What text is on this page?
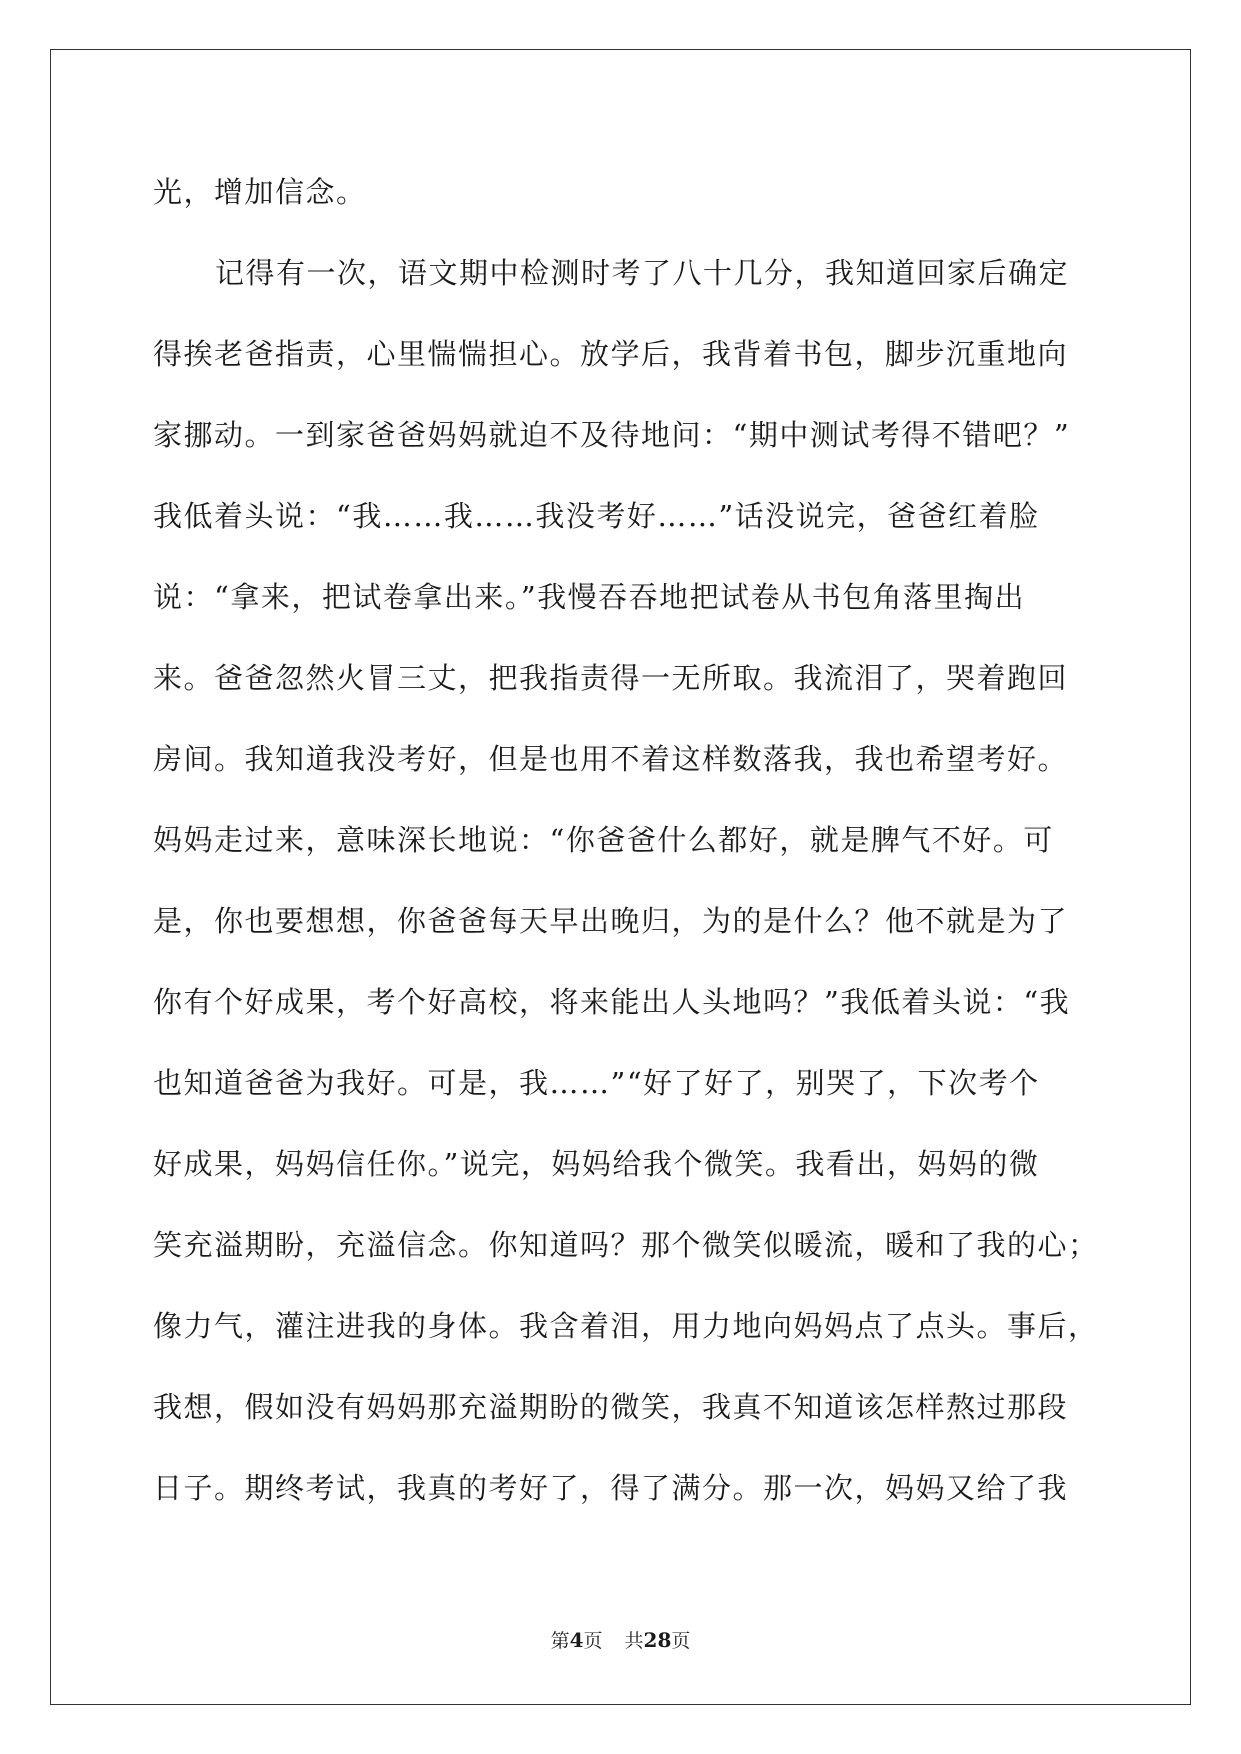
光，增加信念。
记得有一次，语文期中检测时考了八十几分，我知道回家后确定
得挨老爸指责，心里惴惴担心。放学后，我背着书包，脚步沉重地向
家挪动。一到家爸爸妈妈就迫不及待地问：“期中测试考得不错吧？”
我低着头说：“我……我……我没考好……”话没说完，爸爸红着脸
说：“拿来，把试卷拿出来。”我慢吞吞地把试卷从书包角落里掏出
来。爸爸忽然火冒三丈，把我指责得一无所取。我流泪了，哭着跑回
房间。我知道我没考好，但是也用不着这样数落我，我也希望考好。
妈妈走过来，意味深长地说：“你爸爸什么都好，就是脾气不好。可
是，你也要想想，你爸爸每天早出晚归，为的是什么？他不就是为了
你有个好成果，考个好高校，将来能出人头地吗？”我低着头说：“我
也知道爸爸为我好。可是，我……”“好了好了，别哭了，下次考个
好成果，妈妈信任你。”说完，妈妈给我个微笑。我看出，妈妈的微
笑充溢期盼，充溢信念。你知道吗？那个微笑似暖流，暖和了我的心；
像力气，灌注进我的身体。我含着泪，用力地向妈妈点了点头。事后，
我想，假如没有妈妈那充溢期盼的微笑，我真不知道该怎样熬过那段
日子。期终考试，我真的考好了，得了满分。那一次，妈妈又给了我
第4页 共28页
